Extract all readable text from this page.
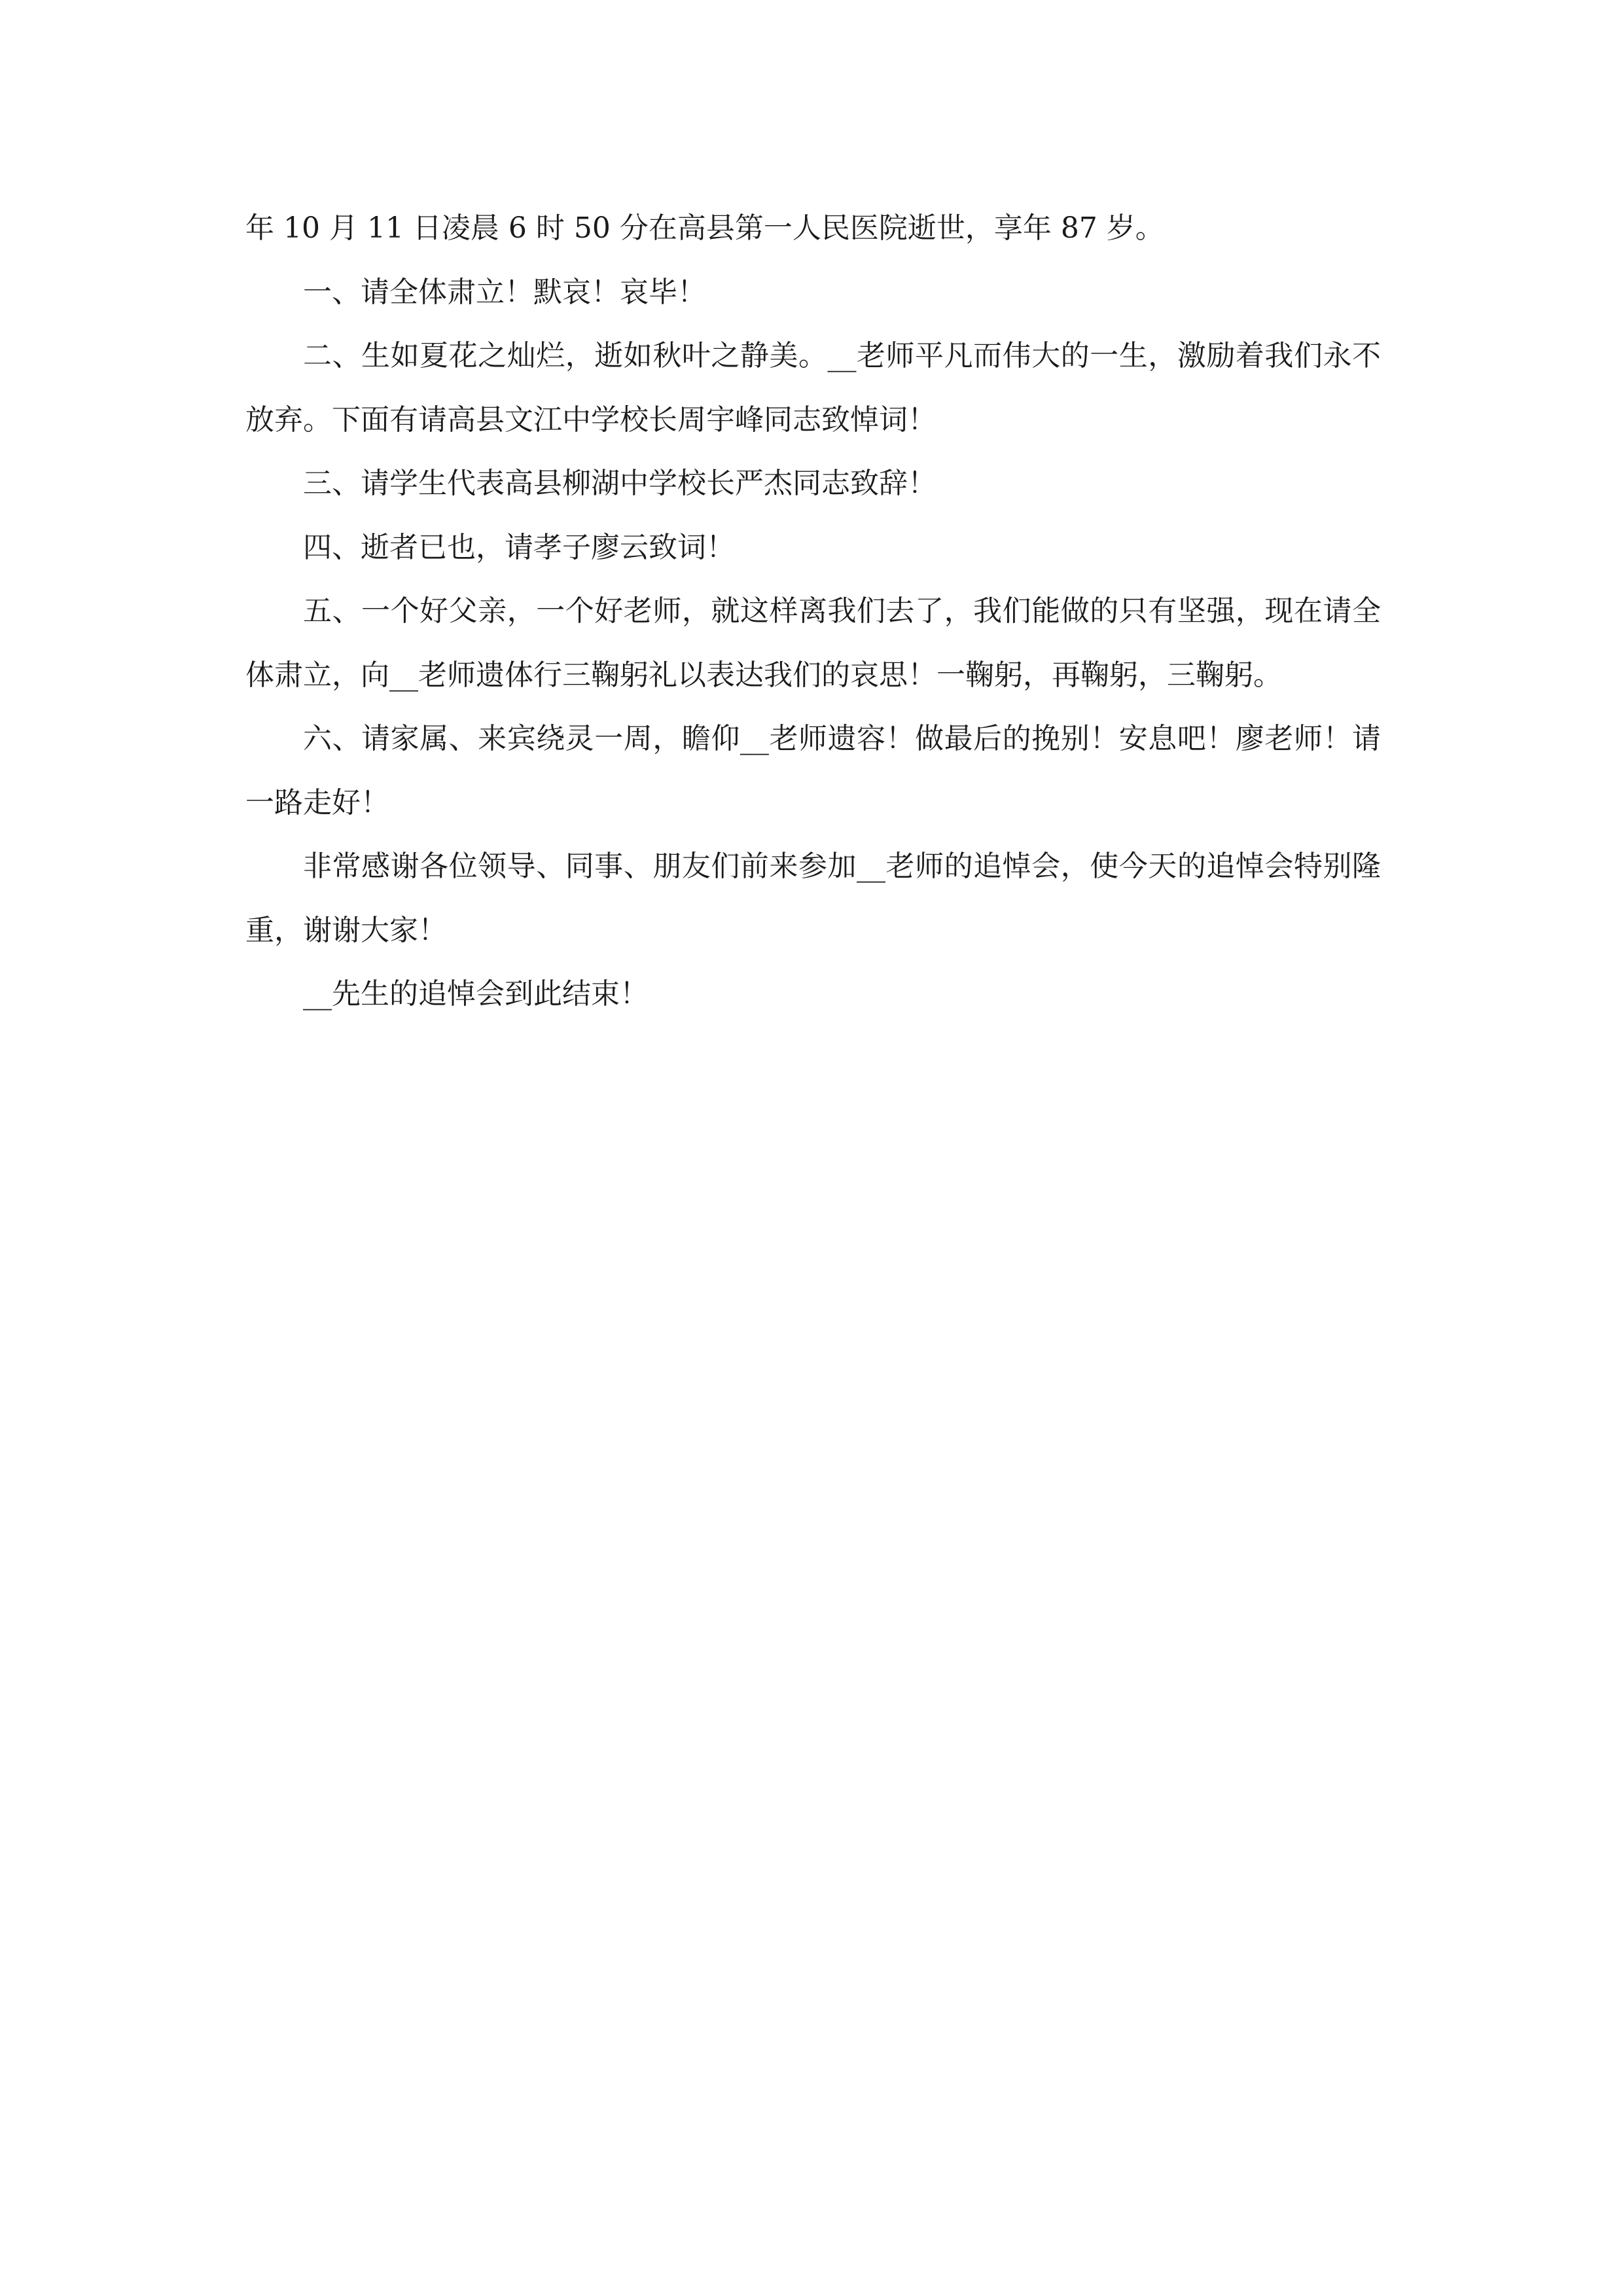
年 10 月 11 日凌晨 6 时 50 分在高县第一人民医院逝世，享年 87 岁。

一、请全体肃立！默哀！哀毕！

二、生如夏花之灿烂，逝如秋叶之静美。__老师平凡而伟大的一生，激励着我们永不放弃。下面有请高县文江中学校长周宇峰同志致悼词！

三、请学生代表高县柳湖中学校长严杰同志致辞！

四、逝者已也，请孝子廖云致词！

五、一个好父亲，一个好老师，就这样离我们去了，我们能做的只有坚强，现在请全体肃立，向__老师遗体行三鞠躬礼以表达我们的哀思！一鞠躬，再鞠躬，三鞠躬。

六、请家属、来宾绕灵一周，瞻仰__老师遗容！做最后的挽别！安息吧！廖老师！请一路走好！

非常感谢各位领导、同事、朋友们前来参加__老师的追悼会，使今天的追悼会特别隆重，谢谢大家！

__先生的追悼会到此结束！
